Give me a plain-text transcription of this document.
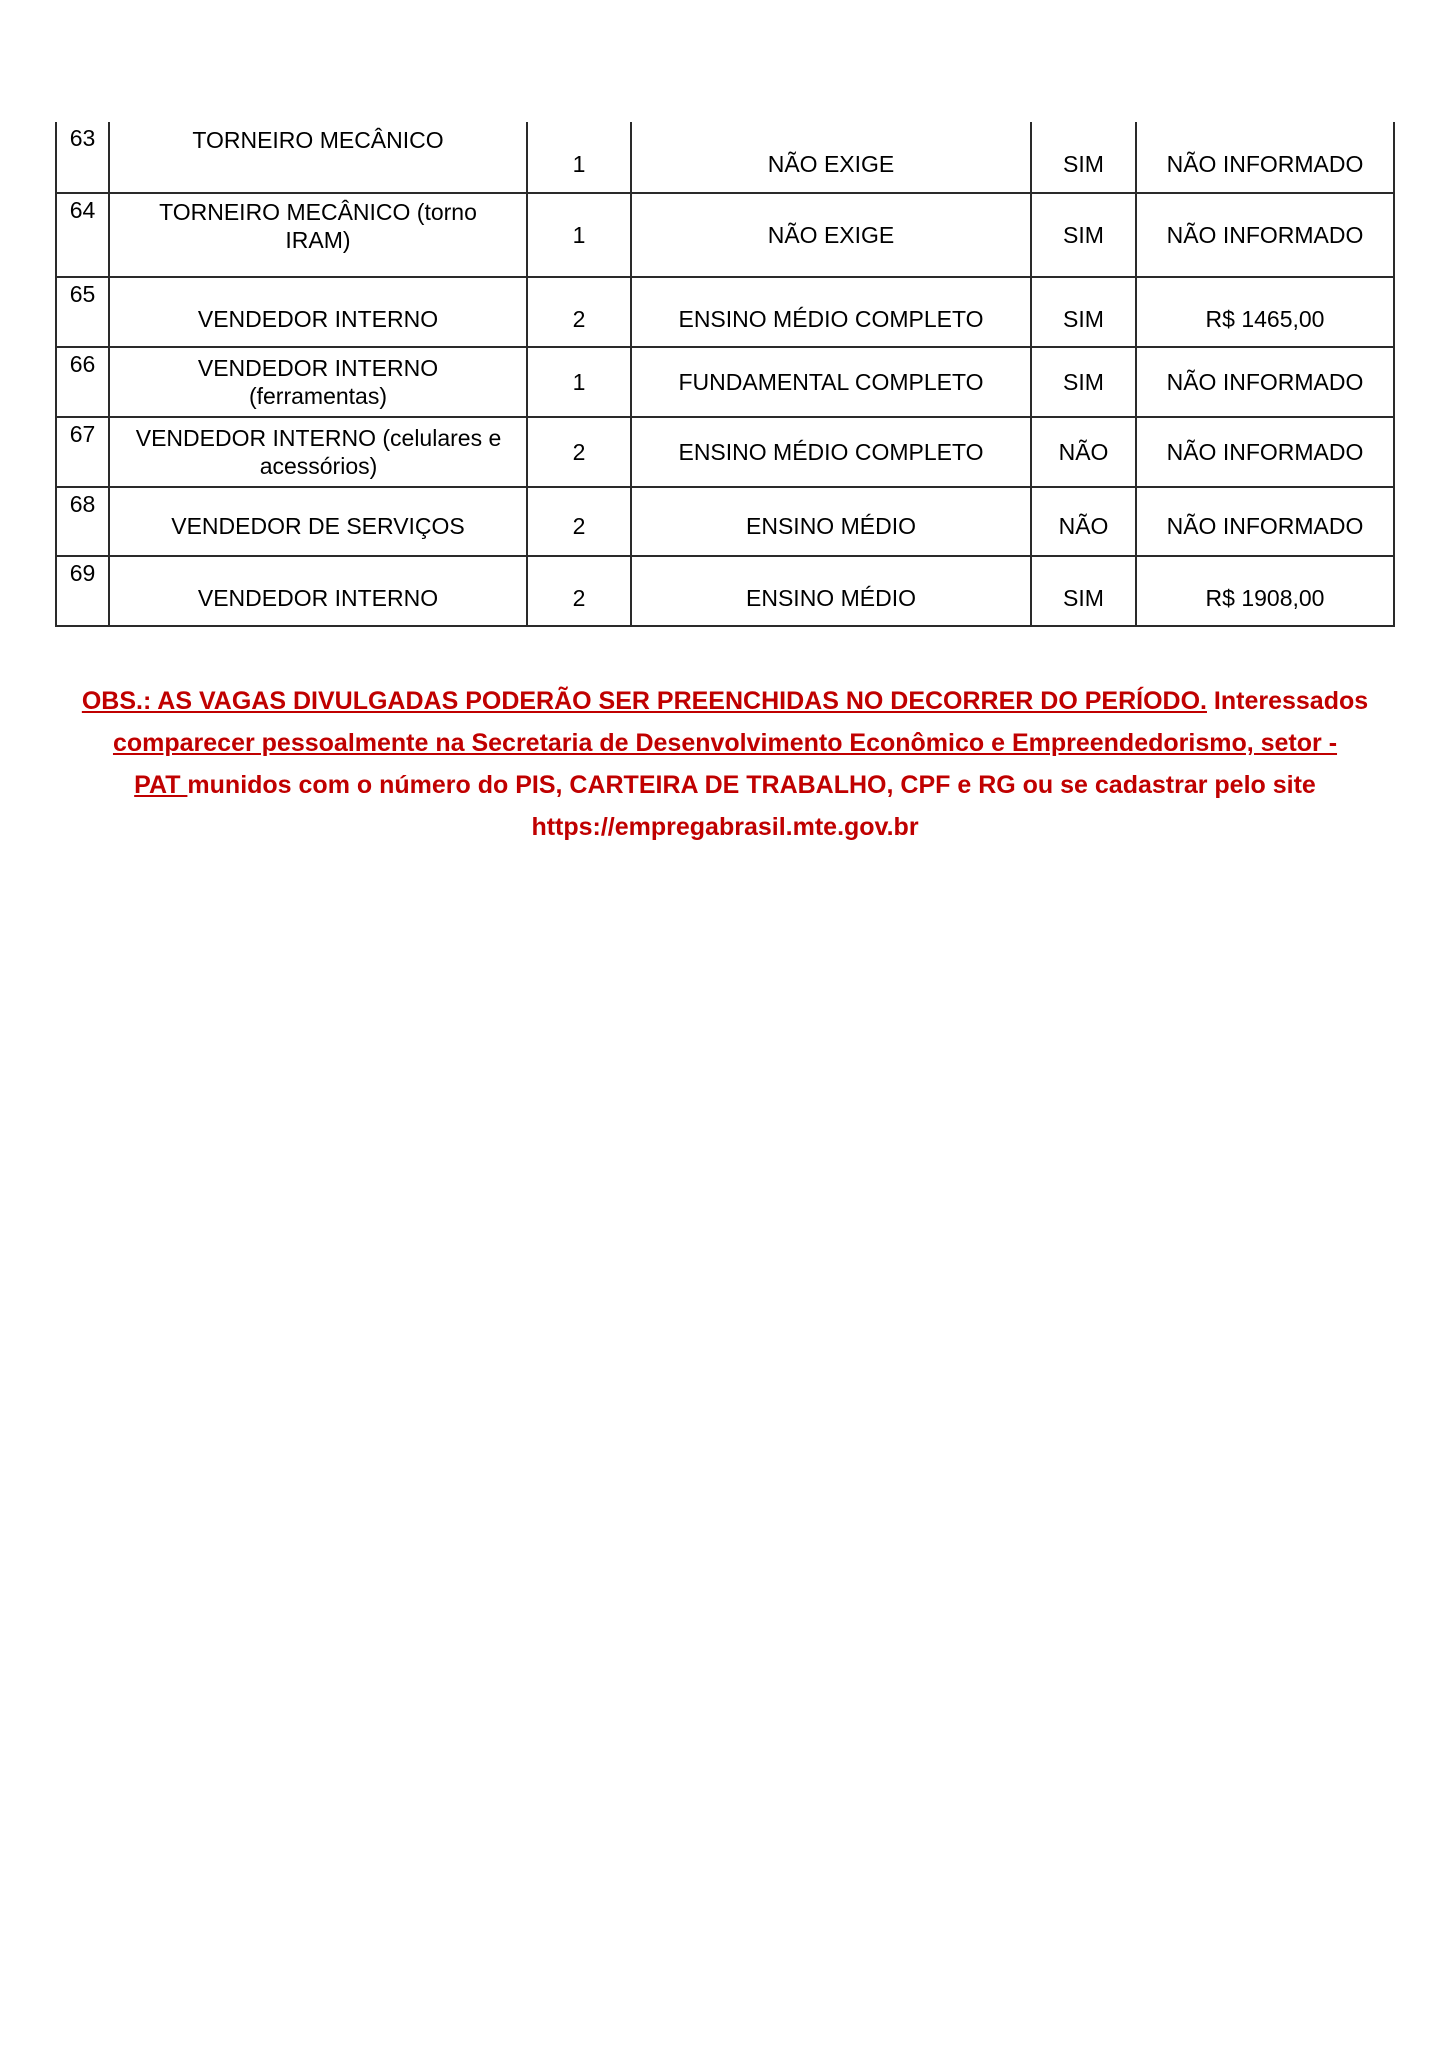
63	TORNEIRO MECÂNICO	1	NÃO EXIGE	SIM	NÃO INFORMADO
64	TORNEIRO MECÂNICO (torno IRAM)	1	NÃO EXIGE	SIM	NÃO INFORMADO
65	VENDEDOR INTERNO	2	ENSINO MÉDIO COMPLETO	SIM	R$ 1465,00
66	VENDEDOR INTERNO (ferramentas)	1	FUNDAMENTAL COMPLETO	SIM	NÃO INFORMADO
67	VENDEDOR INTERNO (celulares e acessórios)	2	ENSINO MÉDIO COMPLETO	NÃO	NÃO INFORMADO
68	VENDEDOR DE SERVIÇOS	2	ENSINO MÉDIO	NÃO	NÃO INFORMADO
69	VENDEDOR INTERNO	2	ENSINO MÉDIO	SIM	R$ 1908,00
OBS.: AS VAGAS DIVULGADAS PODERÃO SER PREENCHIDAS NO DECORRER DO PERÍODO. Interessados
comparecer pessoalmente na Secretaria de Desenvolvimento Econômico e Empreendedorismo, setor -
PAT munidos com o número do PIS, CARTEIRA DE TRABALHO, CPF e RG ou se cadastrar pelo site
https://empregabrasil.mte.gov.br
